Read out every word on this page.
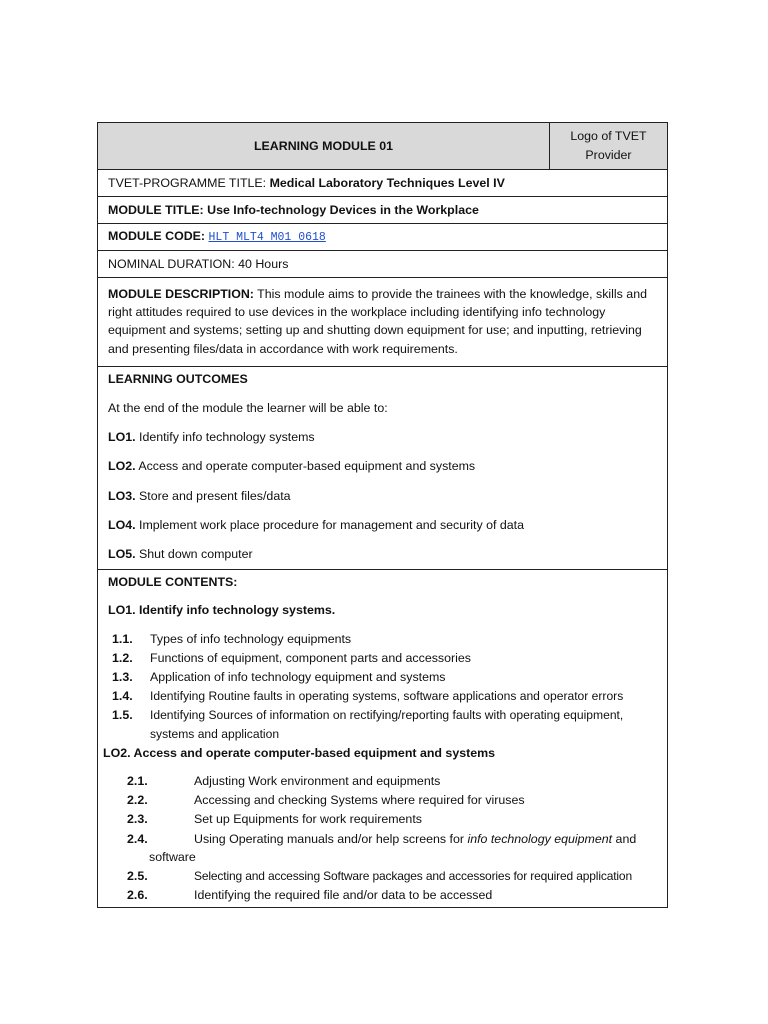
LEARNING MODULE 01	
Logo of TVET
Provider

TVET-PROGRAMME TITLE: Medical Laboratory Techniques Level IV
MODULE TITLE: Use Info-technology Devices in the Workplace
MODULE CODE: HLT MLT4 M01 0618
NOMINAL DURATION: 40 Hours
MODULE DESCRIPTION: This module aims to provide the trainees with the knowledge, skills and right attitudes required to use devices in the workplace including identifying info technology equipment and systems; setting up and shutting down equipment for use; and inputting, retrieving and presenting files/data in accordance with work requirements.

LEARNING OUTCOMES

At the end of the module the learner will be able to:

LO1. Identify info technology systems

LO2. Access and operate computer-based equipment and systems

LO3. Store and present files/data

LO4. Implement work place procedure for management and security of data

LO5. Shut down computer

MODULE CONTENTS:

LO1. Identify info technology systems.

1.1.	Types of info technology equipments
1.2.	Functions of equipment, component parts and accessories
1.3.	Application of info technology equipment and systems
1.4.	Identifying Routine faults in operating systems, software applications and operator errors
1.5.	Identifying Sources of information on rectifying/reporting faults with operating equipment, systems and application

LO2. Access and operate computer-based equipment and systems

2.1.	Adjusting Work environment and equipments
2.2.	Accessing and checking Systems where required for viruses
2.3.	Set up Equipments for work requirements
2.4.	Using Operating manuals and/or help screens for info technology equipment and
software
2.5.	Selecting and accessing Software packages and accessories for required application
2.6.	Identifying the required file and/or data to be accessed
